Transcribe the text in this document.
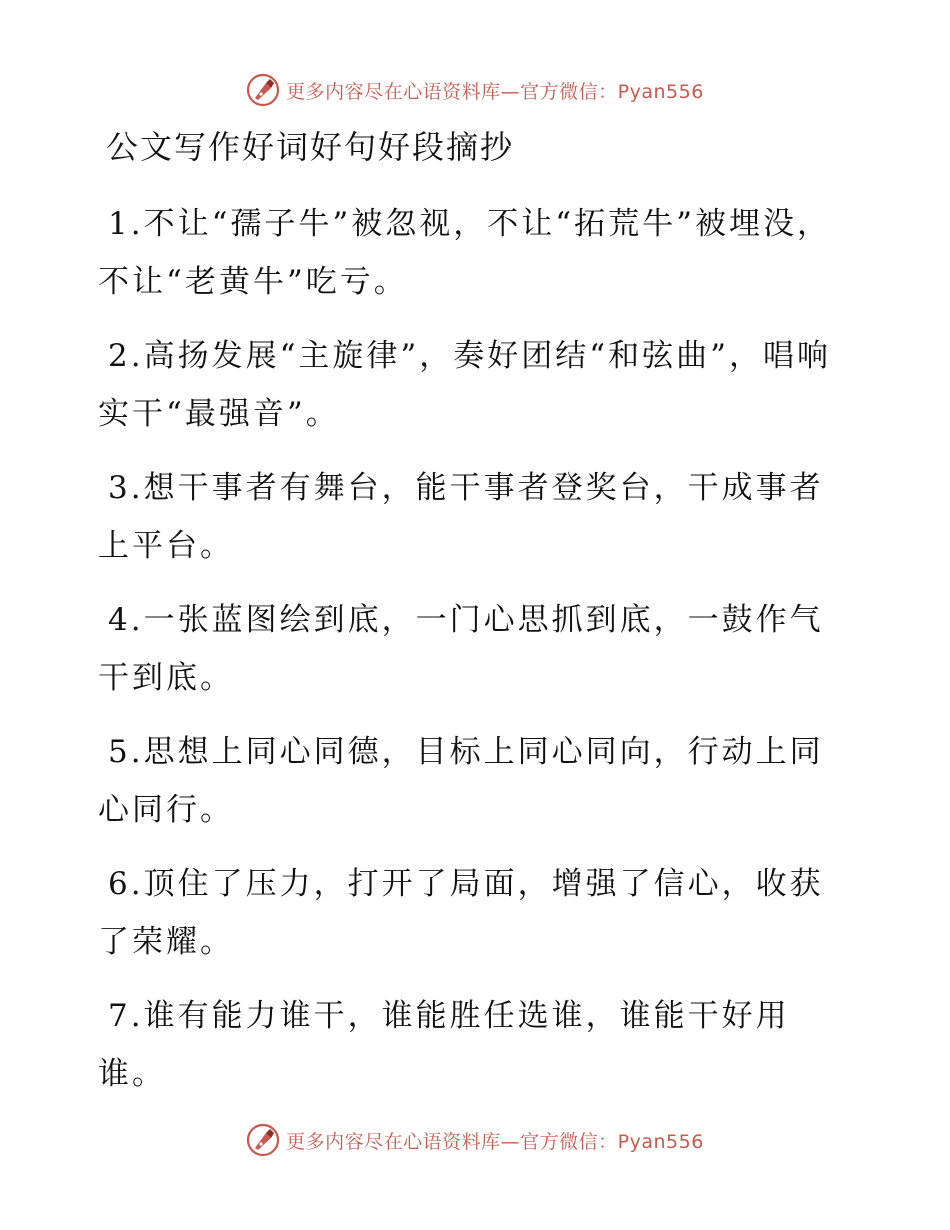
更多内容尽在心语资料库—官方微信：Pyan556
公文写作好词好句好段摘抄

1.不让“孺子牛”被忽视，不让“拓荒牛”被埋没，不让“老黄牛”吃亏。

2.高扬发展“主旋律”，奏好团结“和弦曲”，唱响实干“最强音”。

3.想干事者有舞台，能干事者登奖台，干成事者上平台。

4.一张蓝图绘到底，一门心思抓到底，一鼓作气干到底。

5.思想上同心同德，目标上同心同向，行动上同心同行。

6.顶住了压力，打开了局面，增强了信心，收获了荣耀。

7.谁有能力谁干，谁能胜任选谁，谁能干好用谁。

更多内容尽在心语资料库—官方微信：Pyan556
